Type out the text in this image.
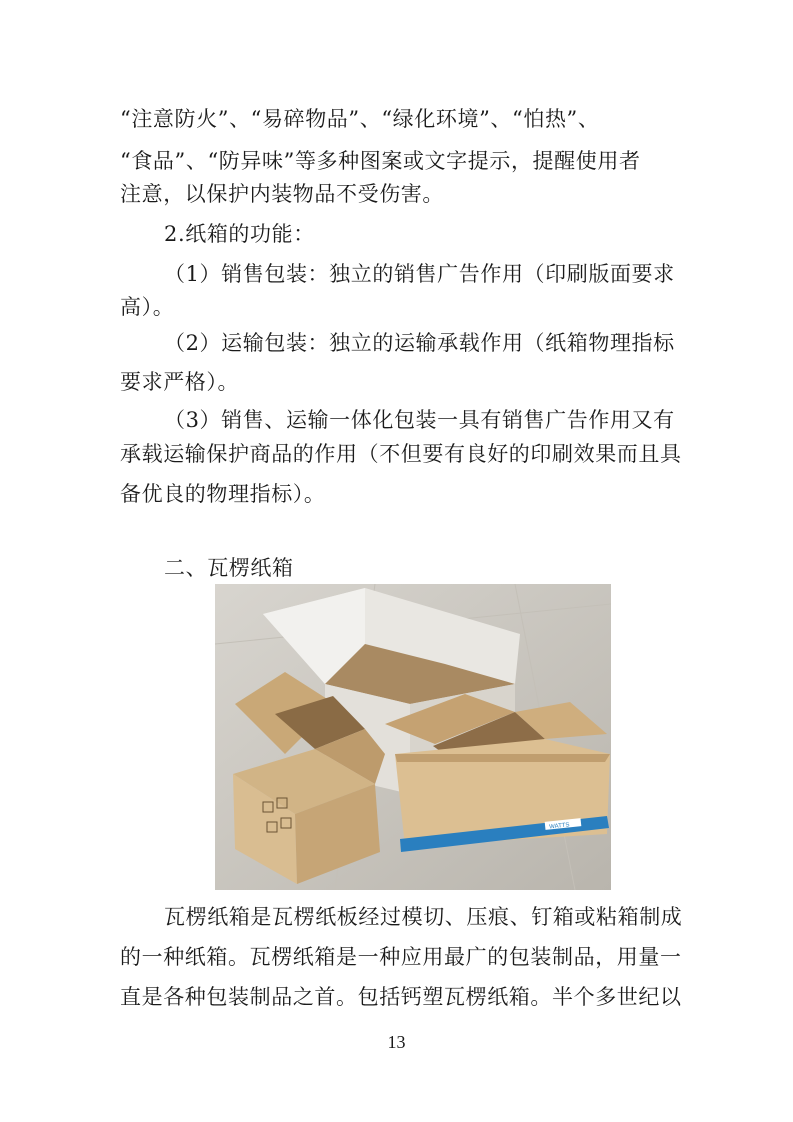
“注意防火”、“易碎物品”、“绿化环境”、“怕热”、
“食品”、“防异味”等多种图案或文字提示，提醒使用者
注意，以保护内装物品不受伤害。
2.纸箱的功能：
（1）销售包装：独立的销售广告作用（印刷版面要求
高）。
（2）运输包装：独立的运输承载作用（纸箱物理指标
要求严格）。
（3）销售、运输一体化包装一具有销售广告作用又有
承载运输保护商品的作用（不但要有良好的印刷效果而且具
备优良的物理指标）。
二、瓦楞纸箱
WATTS
瓦楞纸箱是瓦楞纸板经过模切、压痕、钉箱或粘箱制成
的一种纸箱。瓦楞纸箱是一种应用最广的包装制品，用量一
直是各种包装制品之首。包括钙塑瓦楞纸箱。半个多世纪以
13
